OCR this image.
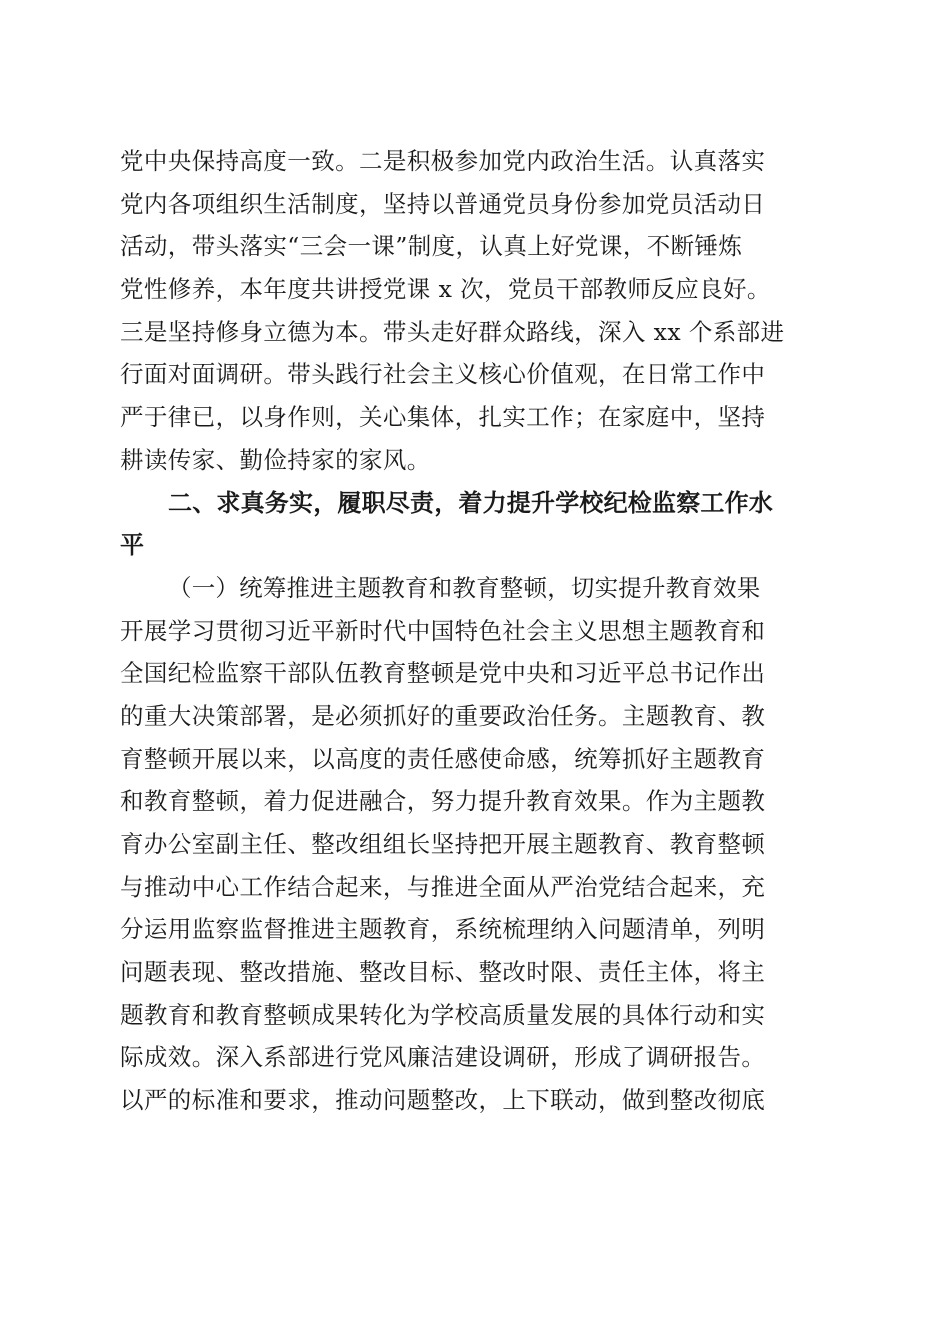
党中央保持高度一致。二是积极参加党内政治生活。认真落实
党内各项组织生活制度，坚持以普通党员身份参加党员活动日
活动，带头落实“三会一课”制度，认真上好党课，不断锤炼
党性修养，本年度共讲授党课 x 次，党员干部教师反应良好。
三是坚持修身立德为本。带头走好群众路线，深入 xx 个系部进
行面对面调研。带头践行社会主义核心价值观，在日常工作中
严于律已，以身作则，关心集体，扎实工作；在家庭中，坚持
耕读传家、勤俭持家的家风。
二、求真务实，履职尽责，着力提升学校纪检监察工作水
平
（一）统筹推进主题教育和教育整顿，切实提升教育效果
开展学习贯彻习近平新时代中国特色社会主义思想主题教育和
全国纪检监察干部队伍教育整顿是党中央和习近平总书记作出
的重大决策部署，是必须抓好的重要政治任务。主题教育、教
育整顿开展以来，以高度的责任感使命感，统筹抓好主题教育
和教育整顿，着力促进融合，努力提升教育效果。作为主题教
育办公室副主任、整改组组长坚持把开展主题教育、教育整顿
与推动中心工作结合起来，与推进全面从严治党结合起来，充
分运用监察监督推进主题教育，系统梳理纳入问题清单，列明
问题表现、整改措施、整改目标、整改时限、责任主体，将主
题教育和教育整顿成果转化为学校高质量发展的具体行动和实
际成效。深入系部进行党风廉洁建设调研，形成了调研报告。
以严的标准和要求，推动问题整改，上下联动，做到整改彻底
